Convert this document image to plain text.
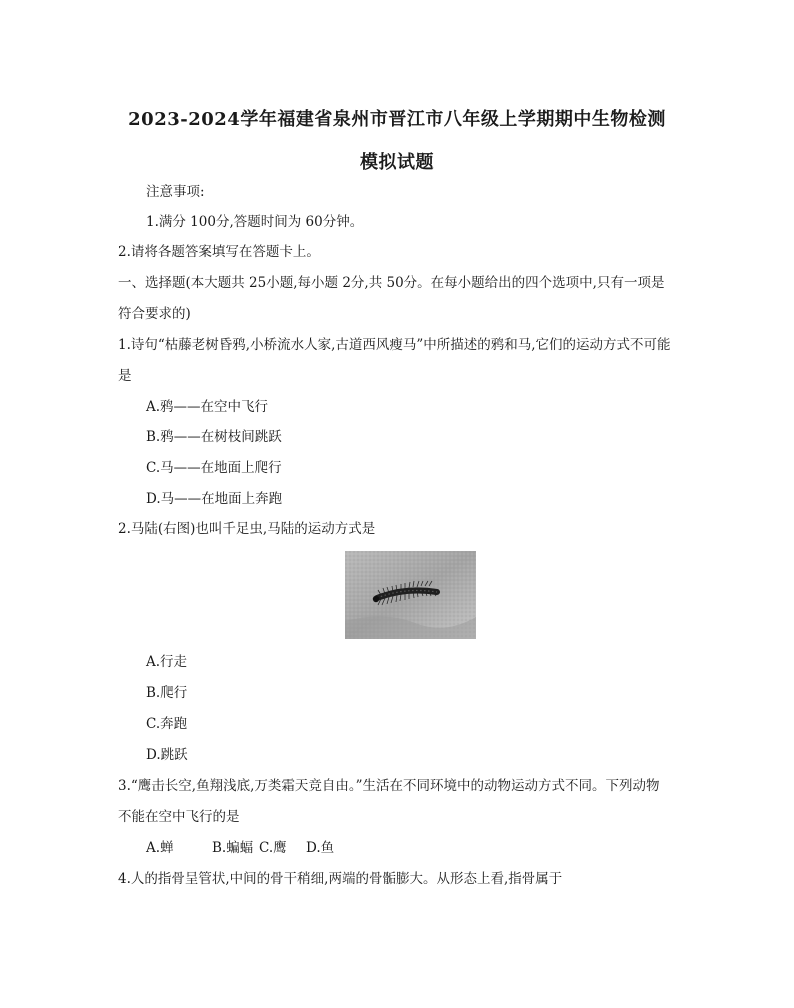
2023-2024学年福建省泉州市晋江市八年级上学期期中生物检测
模拟试题
注意事项:
1.满分 100分,答题时间为 60分钟。
2.请将各题答案填写在答题卡上。
一、选择题(本大题共 25小题,每小题 2分,共 50分。在每小题给出的四个选项中,只有一项是
符合要求的)
1.诗句“枯藤老树昏鸦,小桥流水人家,古道西风瘦马”中所描述的鸦和马,它们的运动方式不可能
是
A.鸦——在空中飞行
B.鸦——在树枝间跳跃
C.马——在地面上爬行
D.马——在地面上奔跑
2.马陆(右图)也叫千足虫,马陆的运动方式是
A.行走
B.爬行
C.奔跑
D.跳跃
3.“鹰击长空,鱼翔浅底,万类霜天竞自由。”生活在不同环境中的动物运动方式不同。下列动物
不能在空中飞行的是
A.蝉	B.蝙蝠 C.鹰 D.鱼
4.人的指骨呈管状,中间的骨干稍细,两端的骨骺膨大。从形态上看,指骨属于
